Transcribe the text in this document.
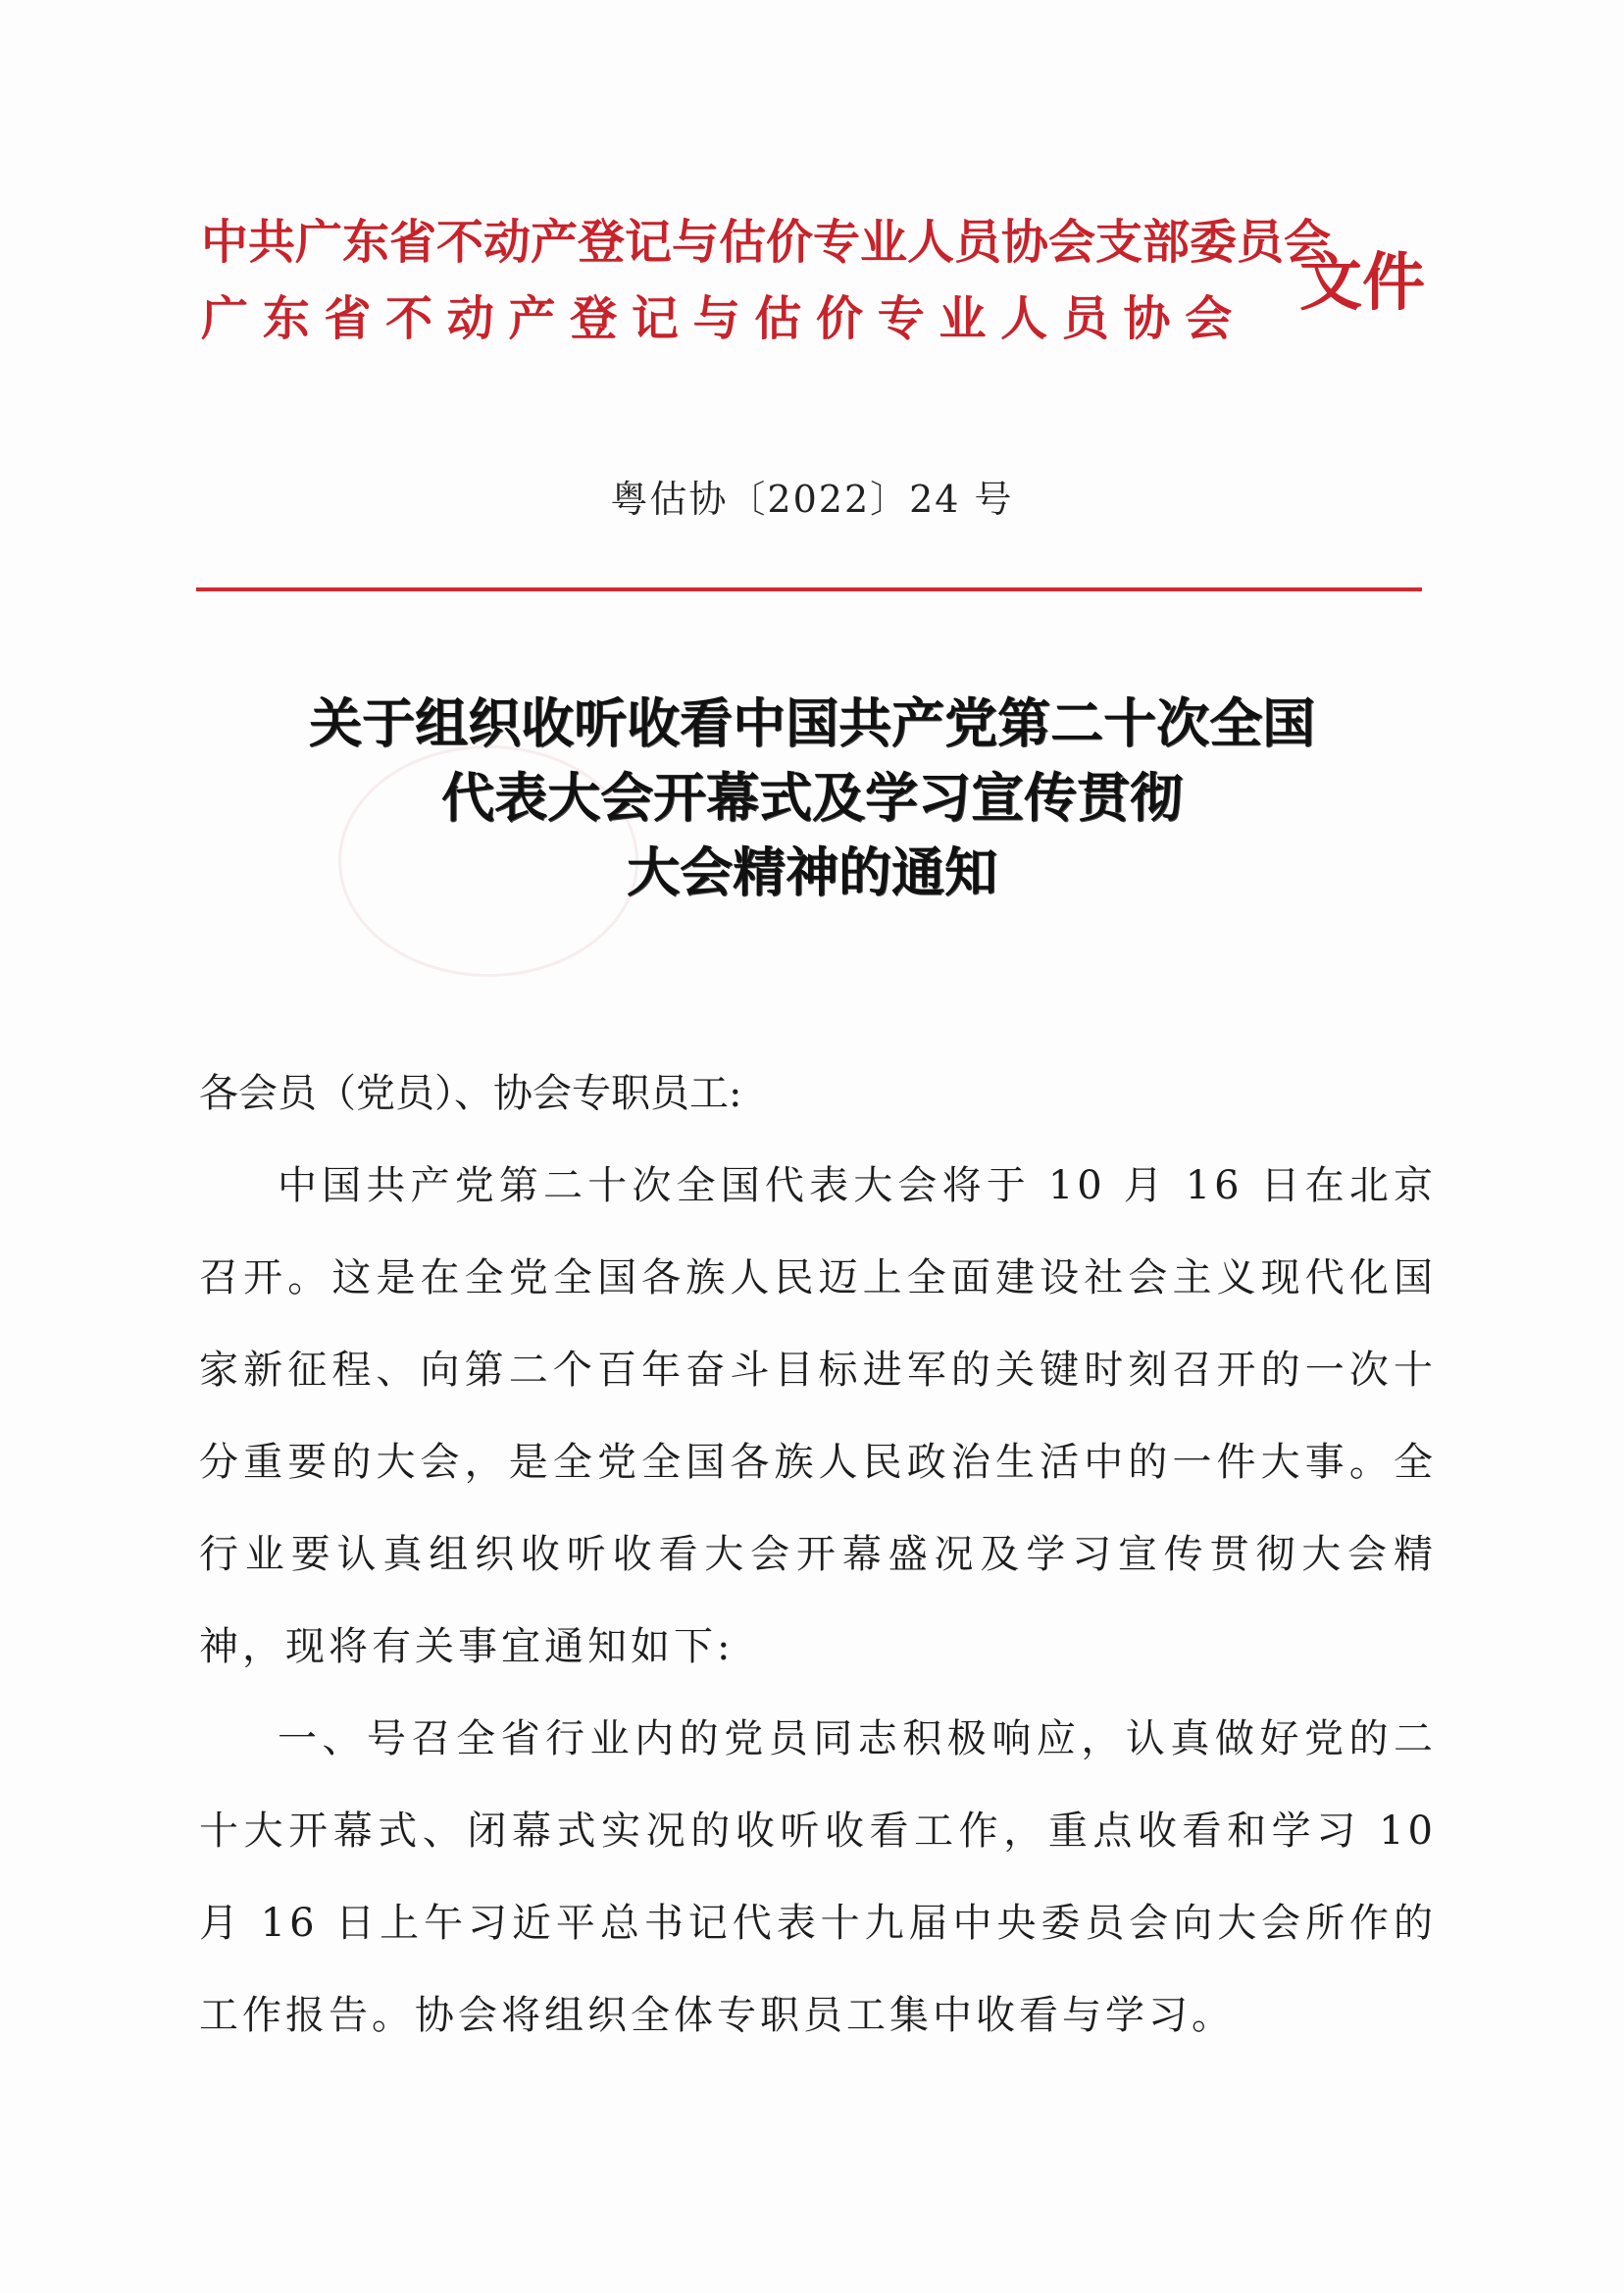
中共广东省不动产登记与估价专业人员协会支部委员会
广东省不动产登记与估价专业人员协会 文件
粤估协〔2022〕24 号
关于组织收听收看中国共产党第二十次全国
代表大会开幕式及学习宣传贯彻
大会精神的通知
各会员（党员）、协会专职员工:
中国共产党第二十次全国代表大会将于 10 月 16 日在北京召开。这是在全党全国各族人民迈上全面建设社会主义现代化国家新征程、向第二个百年奋斗目标进军的关键时刻召开的一次十分重要的大会，是全党全国各族人民政治生活中的一件大事。全行业要认真组织收听收看大会开幕盛况及学习宣传贯彻大会精神，现将有关事宜通知如下:
一、号召全省行业内的党员同志积极响应，认真做好党的二十大开幕式、闭幕式实况的收听收看工作，重点收看和学习 10 月 16 日上午习近平总书记代表十九届中央委员会向大会所作的工作报告。协会将组织全体专职员工集中收看与学习。
